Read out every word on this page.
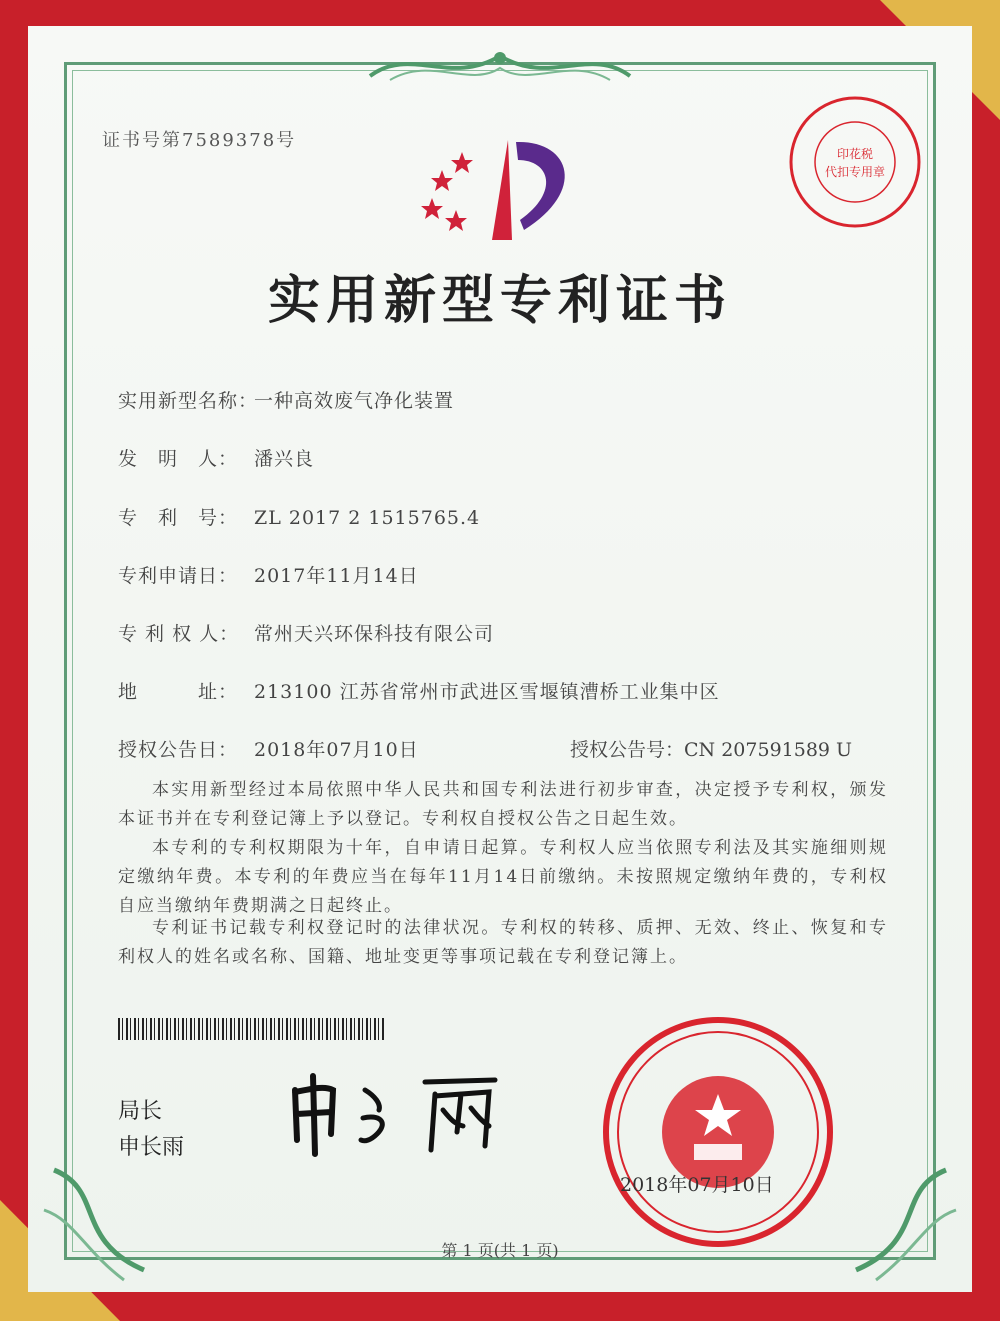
证书号第7589378号
印花税
代扣专用章
实用新型专利证书
实用新型名称：一种高效废气净化装置
发　明　人： 潘兴良
专　利　号： ZL 2017 2 1515765.4
专利申请日： 2017年11月14日
专 利 权 人： 常州天兴环保科技有限公司
地　　　址： 213100 江苏省常州市武进区雪堰镇漕桥工业集中区
授权公告日： 2018年07月10日	授权公告号：CN 207591589 U
本实用新型经过本局依照中华人民共和国专利法进行初步审查，决定授予专利权，颁发本证书并在专利登记簿上予以登记。专利权自授权公告之日起生效。
本专利的专利权期限为十年，自申请日起算。专利权人应当依照专利法及其实施细则规定缴纳年费。本专利的年费应当在每年11月14日前缴纳。未按照规定缴纳年费的，专利权自应当缴纳年费期满之日起终止。
专利证书记载专利权登记时的法律状况。专利权的转移、质押、无效、终止、恢复和专利权人的姓名或名称、国籍、地址变更等事项记载在专利登记簿上。
局长
申长雨
2018年07月10日
第 1 页(共 1 页)
